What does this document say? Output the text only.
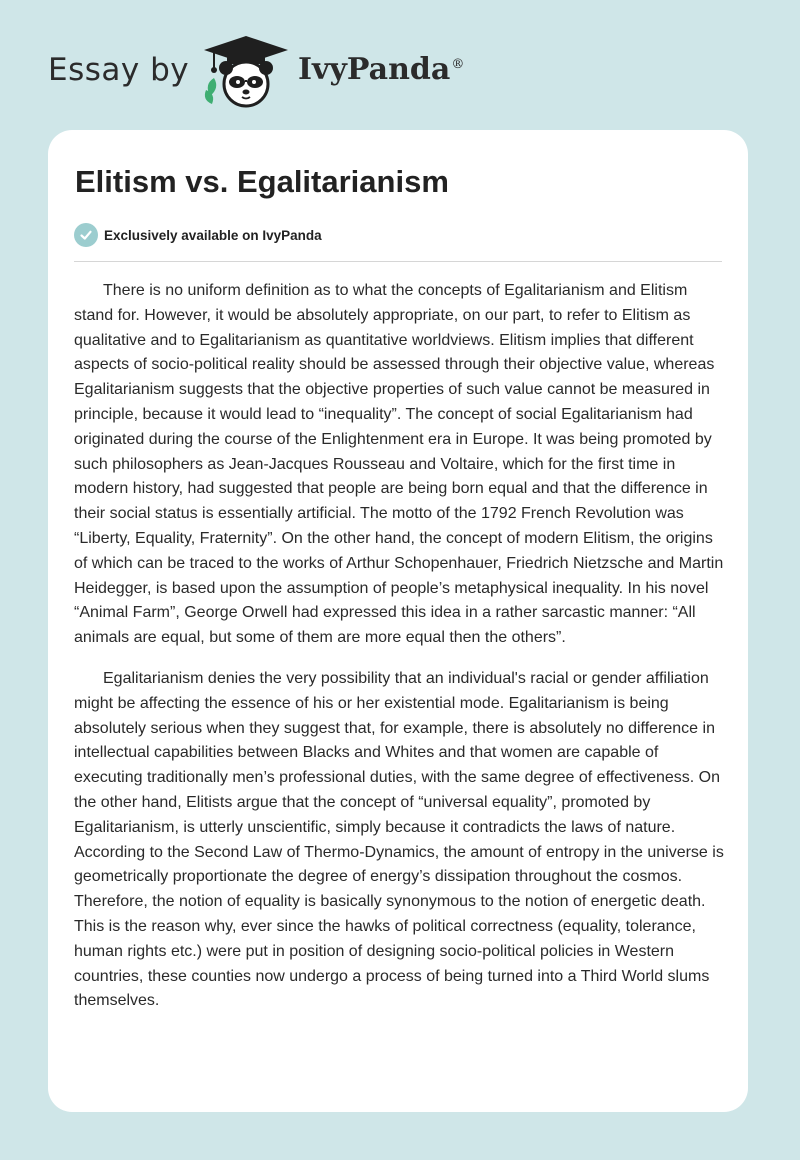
Essay by	IvyPanda®
Elitism vs. Egalitarianism
Exclusively available on IvyPanda

There is no uniform definition as to what the concepts of Egalitarianism and Elitism stand for. However, it would be absolutely appropriate, on our part, to refer to Elitism as qualitative and to Egalitarianism as quantitative worldviews. Elitism implies that different aspects of socio-political reality should be assessed through their objective value, whereas Egalitarianism suggests that the objective properties of such value cannot be measured in principle, because it would lead to “inequality”. The concept of social Egalitarianism had originated during the course of the Enlightenment era in Europe. It was being promoted by such philosophers as Jean-Jacques Rousseau and Voltaire, which for the first time in modern history, had suggested that people are being born equal and that the difference in their social status is essentially artificial. The motto of the 1792 French Revolution was “Liberty, Equality, Fraternity”. On the other hand, the concept of modern Elitism, the origins of which can be traced to the works of Arthur Schopenhauer, Friedrich Nietzsche and Martin Heidegger, is based upon the assumption of people’s metaphysical inequality. In his novel “Animal Farm”, George Orwell had expressed this idea in a rather sarcastic manner: “All animals are equal, but some of them are more equal then the others”.

Egalitarianism denies the very possibility that an individual's racial or gender affiliation might be affecting the essence of his or her existential mode. Egalitarianism is being absolutely serious when they suggest that, for example, there is absolutely no difference in intellectual capabilities between Blacks and Whites and that women are capable of executing traditionally men’s professional duties, with the same degree of effectiveness. On the other hand, Elitists argue that the concept of “universal equality”, promoted by Egalitarianism, is utterly unscientific, simply because it contradicts the laws of nature. According to the Second Law of Thermo-Dynamics, the amount of entropy in the universe is geometrically proportionate the degree of energy’s dissipation throughout the cosmos. Therefore, the notion of equality is basically synonymous to the notion of energetic death. This is the reason why, ever since the hawks of political correctness (equality, tolerance, human rights etc.) were put in position of designing socio-political policies in Western countries, these counties now undergo a process of being turned into a Third World slums themselves.
